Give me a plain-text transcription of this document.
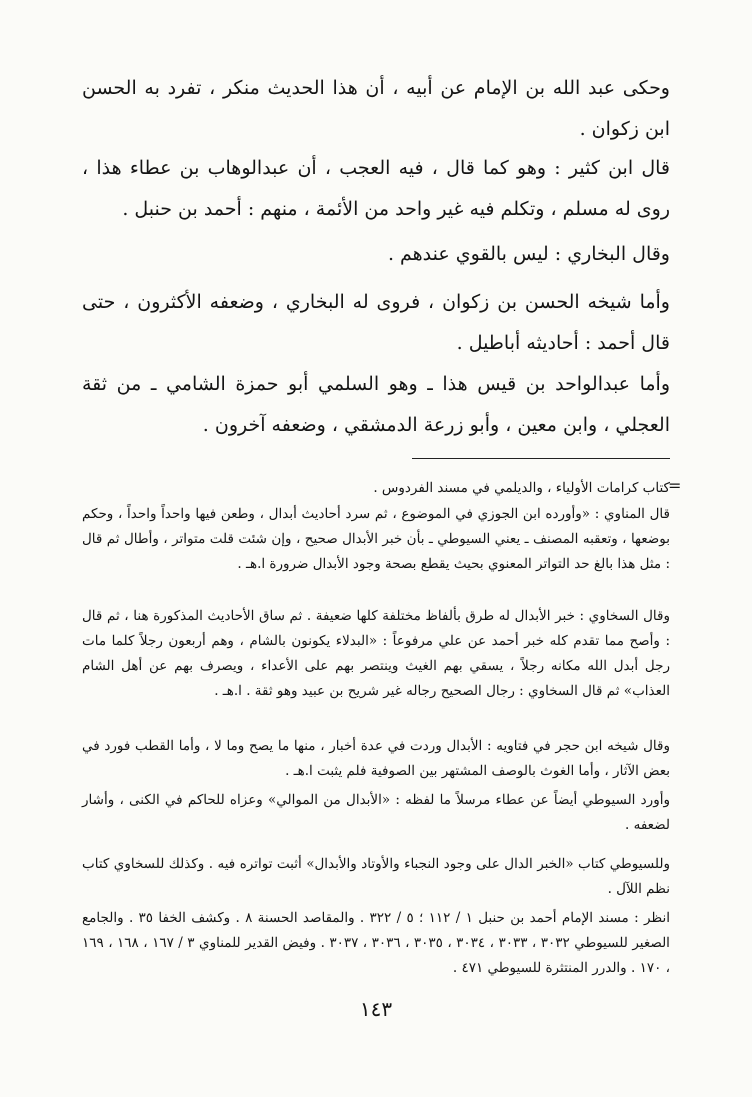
وحكى عبد الله بن الإمام عن أبيه ، أن هذا الحديث منكر ، تفرد به الحسن ابن زكوان .

قال ابن كثير : وهو كما قال ، فيه العجب ، أن عبدالوهاب بن عطاء هذا ، روى له مسلم ، وتكلم فيه غير واحد من الأئمة ، منهم : أحمد بن حنبل .

وقال البخاري : ليس بالقوي عندهم .

وأما شيخه الحسن بن زكوان ، فروى له البخاري ، وضعفه الأكثرون ، حتى قال أحمد : أحاديثه أباطيل .

وأما عبدالواحد بن قيس هذا ـ وهو السلمي أبو حمزة الشامي ـ من ثقة العجلي ، وابن معين ، وأبو زرعة الدمشقي ، وضعفه آخرون .

=

كتاب كرامات الأولياء ، والديلمي في مسند الفردوس .

قال المناوي : «وأورده ابن الجوزي في الموضوع ، ثم سرد أحاديث أبدال ، وطعن فيها واحداً واحداً ، وحكم بوضعها ، وتعقبه المصنف ـ يعني السيوطي ـ بأن خبر الأبدال صحيح ، وإن شئت قلت متواتر ، وأطال ثم قال : مثل هذا بالغ حد التواتر المعنوي بحيث يقطع بصحة وجود الأبدال ضرورة ا.هـ .

وقال السخاوي : خبر الأبدال له طرق بألفاظ مختلفة كلها ضعيفة . ثم ساق الأحاديث المذكورة هنا ، ثم قال : وأصح مما تقدم كله خبر أحمد عن علي مرفوعاً : «البدلاء يكونون بالشام ، وهم أربعون رجلاً كلما مات رجل أبدل الله مكانه رجلاً ، يسقي بهم الغيث وينتصر بهم على الأعداء ، ويصرف بهم عن أهل الشام العذاب» ثم قال السخاوي : رجال الصحيح رجاله غير شريح بن عبيد وهو ثقة . ا.هـ .

وقال شيخه ابن حجر في فتاويه : الأبدال وردت في عدة أخبار ، منها ما يصح وما لا ، وأما القطب فورد في بعض الآثار ، وأما الغوث بالوصف المشتهر بين الصوفية فلم يثبت ا.هـ .

وأورد السيوطي أيضاً عن عطاء مرسلاً ما لفظه : «الأبدال من الموالي» وعزاه للحاكم في الكنى ، وأشار لضعفه .

وللسيوطي كتاب «الخبر الدال على وجود النجباء والأوتاد والأبدال» أثبت تواتره فيه . وكذلك للسخاوي كتاب نظم اللآل .

انظر : مسند الإمام أحمد بن حنبل ١ / ١١٢ ؛ ٥ / ٣٢٢ . والمقاصد الحسنة ٨ . وكشف الخفا ٣٥ . والجامع الصغير للسيوطي ٣٠٣٢ ، ٣٠٣٣ ، ٣٠٣٤ ، ٣٠٣٥ ، ٣٠٣٦ ، ٣٠٣٧ . وفيض القدير للمناوي ٣ / ١٦٧ ، ١٦٨ ، ١٦٩ ، ١٧٠ . والدرر المنتثرة للسيوطي ٤٧١ .

١٤٣
